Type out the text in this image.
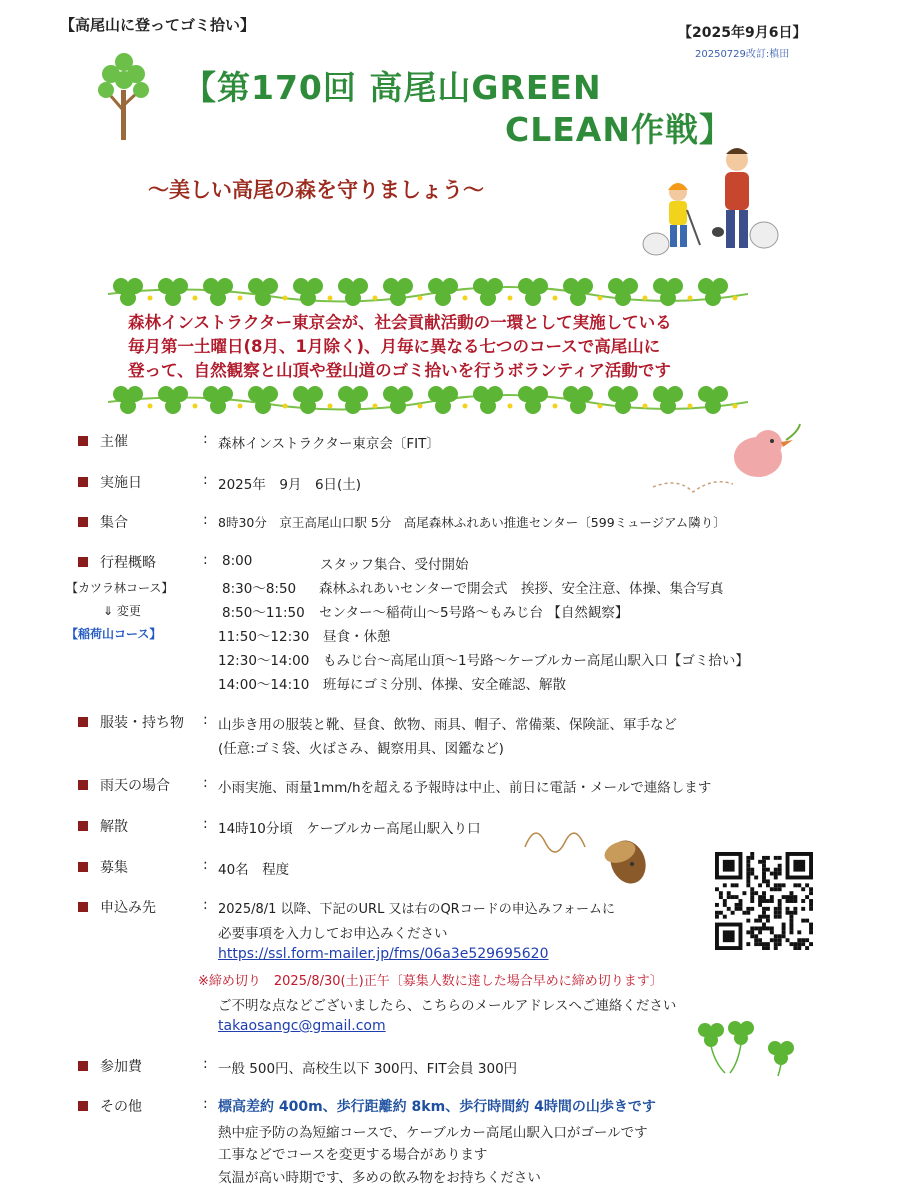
【高尾山に登ってゴミ拾い】	【2025年9月6日】
20250729改訂:槙田
【第170回 高尾山GREEN
CLEAN作戦】
～美しい高尾の森を守りましょう～
森林インストラクター東京会が、社会貢献活動の一環として実施している
毎月第一土曜日(8月、1月除く)、月毎に異なる七つのコースで高尾山に
登って、自然観察と山頂や登山道のゴミ拾いを行うボランティア活動です
主催	: 森林インストラクター東京会〔FIT〕
実施日	: 2025年　9月　6日(土)
集合	: 8時30分　京王高尾山口駅 5分　高尾森林ふれあい推進センター〔599ミュージアム隣り〕
行程概略	:
【カツラ林コース】
⇓ 変更
【稲荷山コース】
8:00	スタッフ集合、受付開始
8:30～8:50 森林ふれあいセンターで開会式　挨拶、安全注意、体操、集合写真
8:50～11:50 センター～稲荷山～5号路～もみじ台 【自然観察】
11:50～12:30 昼食・休憩
12:30～14:00 もみじ台～高尾山頂～1号路～ケーブルカー高尾山駅入口【ゴミ拾い】
14:00～14:10 班毎にゴミ分別、体操、安全確認、解散
服装・持ち物 : 山歩き用の服装と靴、昼食、飲物、雨具、帽子、常備薬、保険証、軍手など
(任意:ゴミ袋、火ばさみ、観察用具、図鑑など)
雨天の場合 : 小雨実施、雨量1mm/hを超える予報時は中止、前日に電話・メールで連絡します
解散	: 14時10分頃　ケーブルカー高尾山駅入り口
募集	: 40名　程度
申込み先	: 2025/8/1 以降、下記のURL 又は右のQRコードの申込みフォームに
必要事項を入力してお申込みください
https://ssl.form-mailer.jp/fms/06a3e529695620
※締め切り　2025/8/30(土)正午〔募集人数に達した場合早めに締め切ります〕
ご不明な点などございましたら、こちらのメールアドレスへご連絡ください
takaosangc@gmail.com
参加費	: 一般 500円、高校生以下 300円、FIT会員 300円
その他	: 標高差約 400m、歩行距離約 8km、歩行時間約 4時間の山歩きです
熱中症予防の為短縮コースで、ケーブルカー高尾山駅入口がゴールです
工事などでコースを変更する場合があります
気温が高い時期です、多めの飲み物をお持ちください
